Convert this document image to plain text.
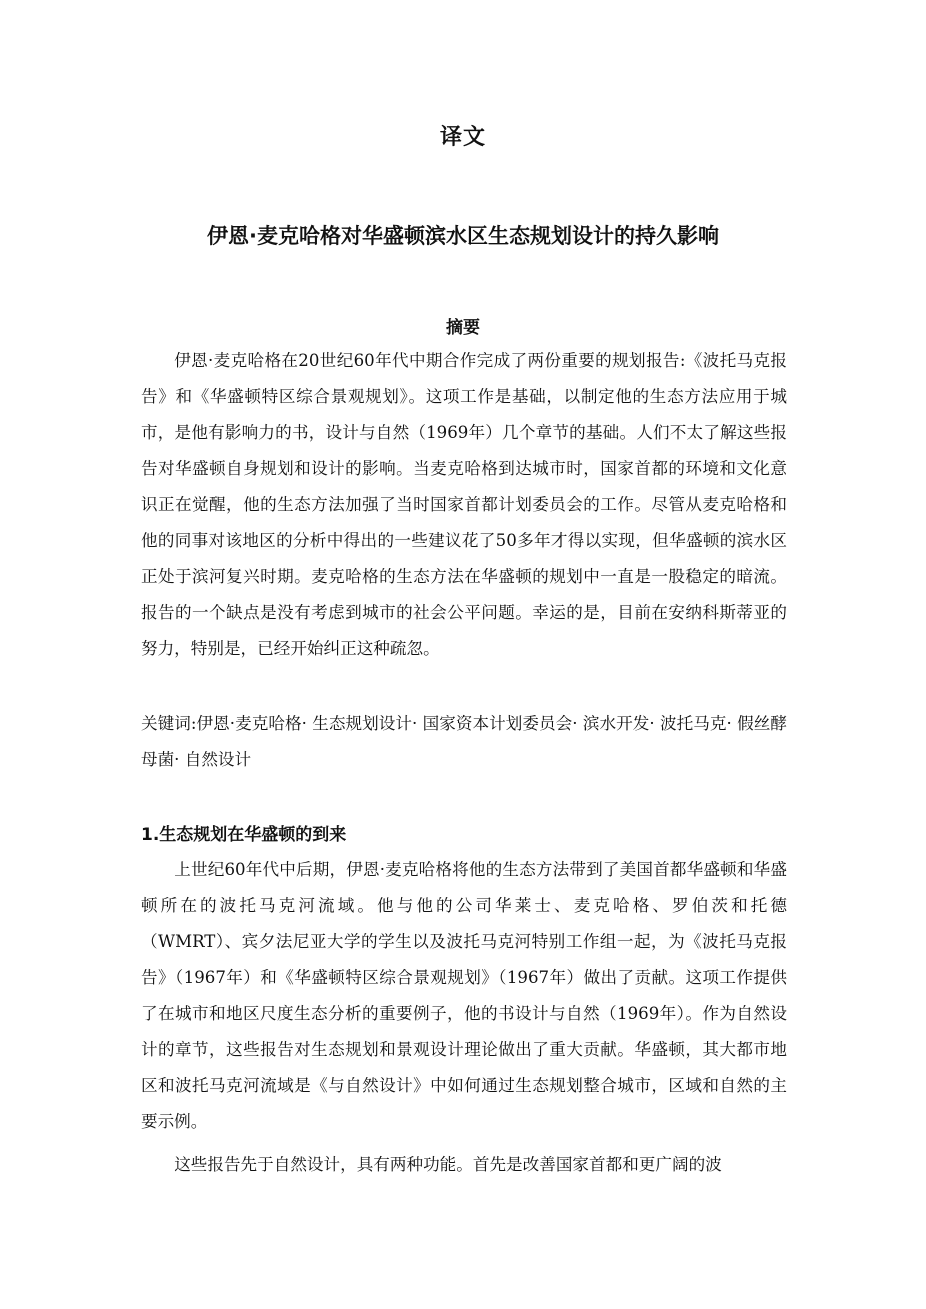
译文
伊恩·麦克哈格对华盛顿滨水区生态规划设计的持久影响
摘要

伊恩·麦克哈格在20世纪60年代中期合作完成了两份重要的规划报告:《波托马克报告》和《华盛顿特区综合景观规划》。这项工作是基础，以制定他的生态方法应用于城市，是他有影响力的书，设计与自然（1969年）几个章节的基础。人们不太了解这些报告对华盛顿自身规划和设计的影响。当麦克哈格到达城市时，国家首都的环境和文化意识正在觉醒，他的生态方法加强了当时国家首都计划委员会的工作。尽管从麦克哈格和他的同事对该地区的分析中得出的一些建议花了50多年才得以实现，但华盛顿的滨水区正处于滨河复兴时期。麦克哈格的生态方法在华盛顿的规划中一直是一股稳定的暗流。报告的一个缺点是没有考虑到城市的社会公平问题。幸运的是，目前在安纳科斯蒂亚的努力，特别是，已经开始纠正这种疏忽。

关键词:伊恩·麦克哈格· 生态规划设计· 国家资本计划委员会· 滨水开发· 波托马克· 假丝酵母菌· 自然设计

1.生态规划在华盛顿的到来

上世纪60年代中后期，伊恩·麦克哈格将他的生态方法带到了美国首都华盛顿和华盛顿所在的波托马克河流域。他与他的公司华莱士、麦克哈格、罗伯茨和托德（WMRT）、宾夕法尼亚大学的学生以及波托马克河特别工作组一起，为《波托马克报告》（1967年）和《华盛顿特区综合景观规划》（1967年）做出了贡献。这项工作提供了在城市和地区尺度生态分析的重要例子，他的书设计与自然（1969年）。作为自然设计的章节，这些报告对生态规划和景观设计理论做出了重大贡献。华盛顿，其大都市地区和波托马克河流域是《与自然设计》中如何通过生态规划整合城市，区域和自然的主要示例。

这些报告先于自然设计，具有两种功能。首先是改善国家首都和更广阔的波
